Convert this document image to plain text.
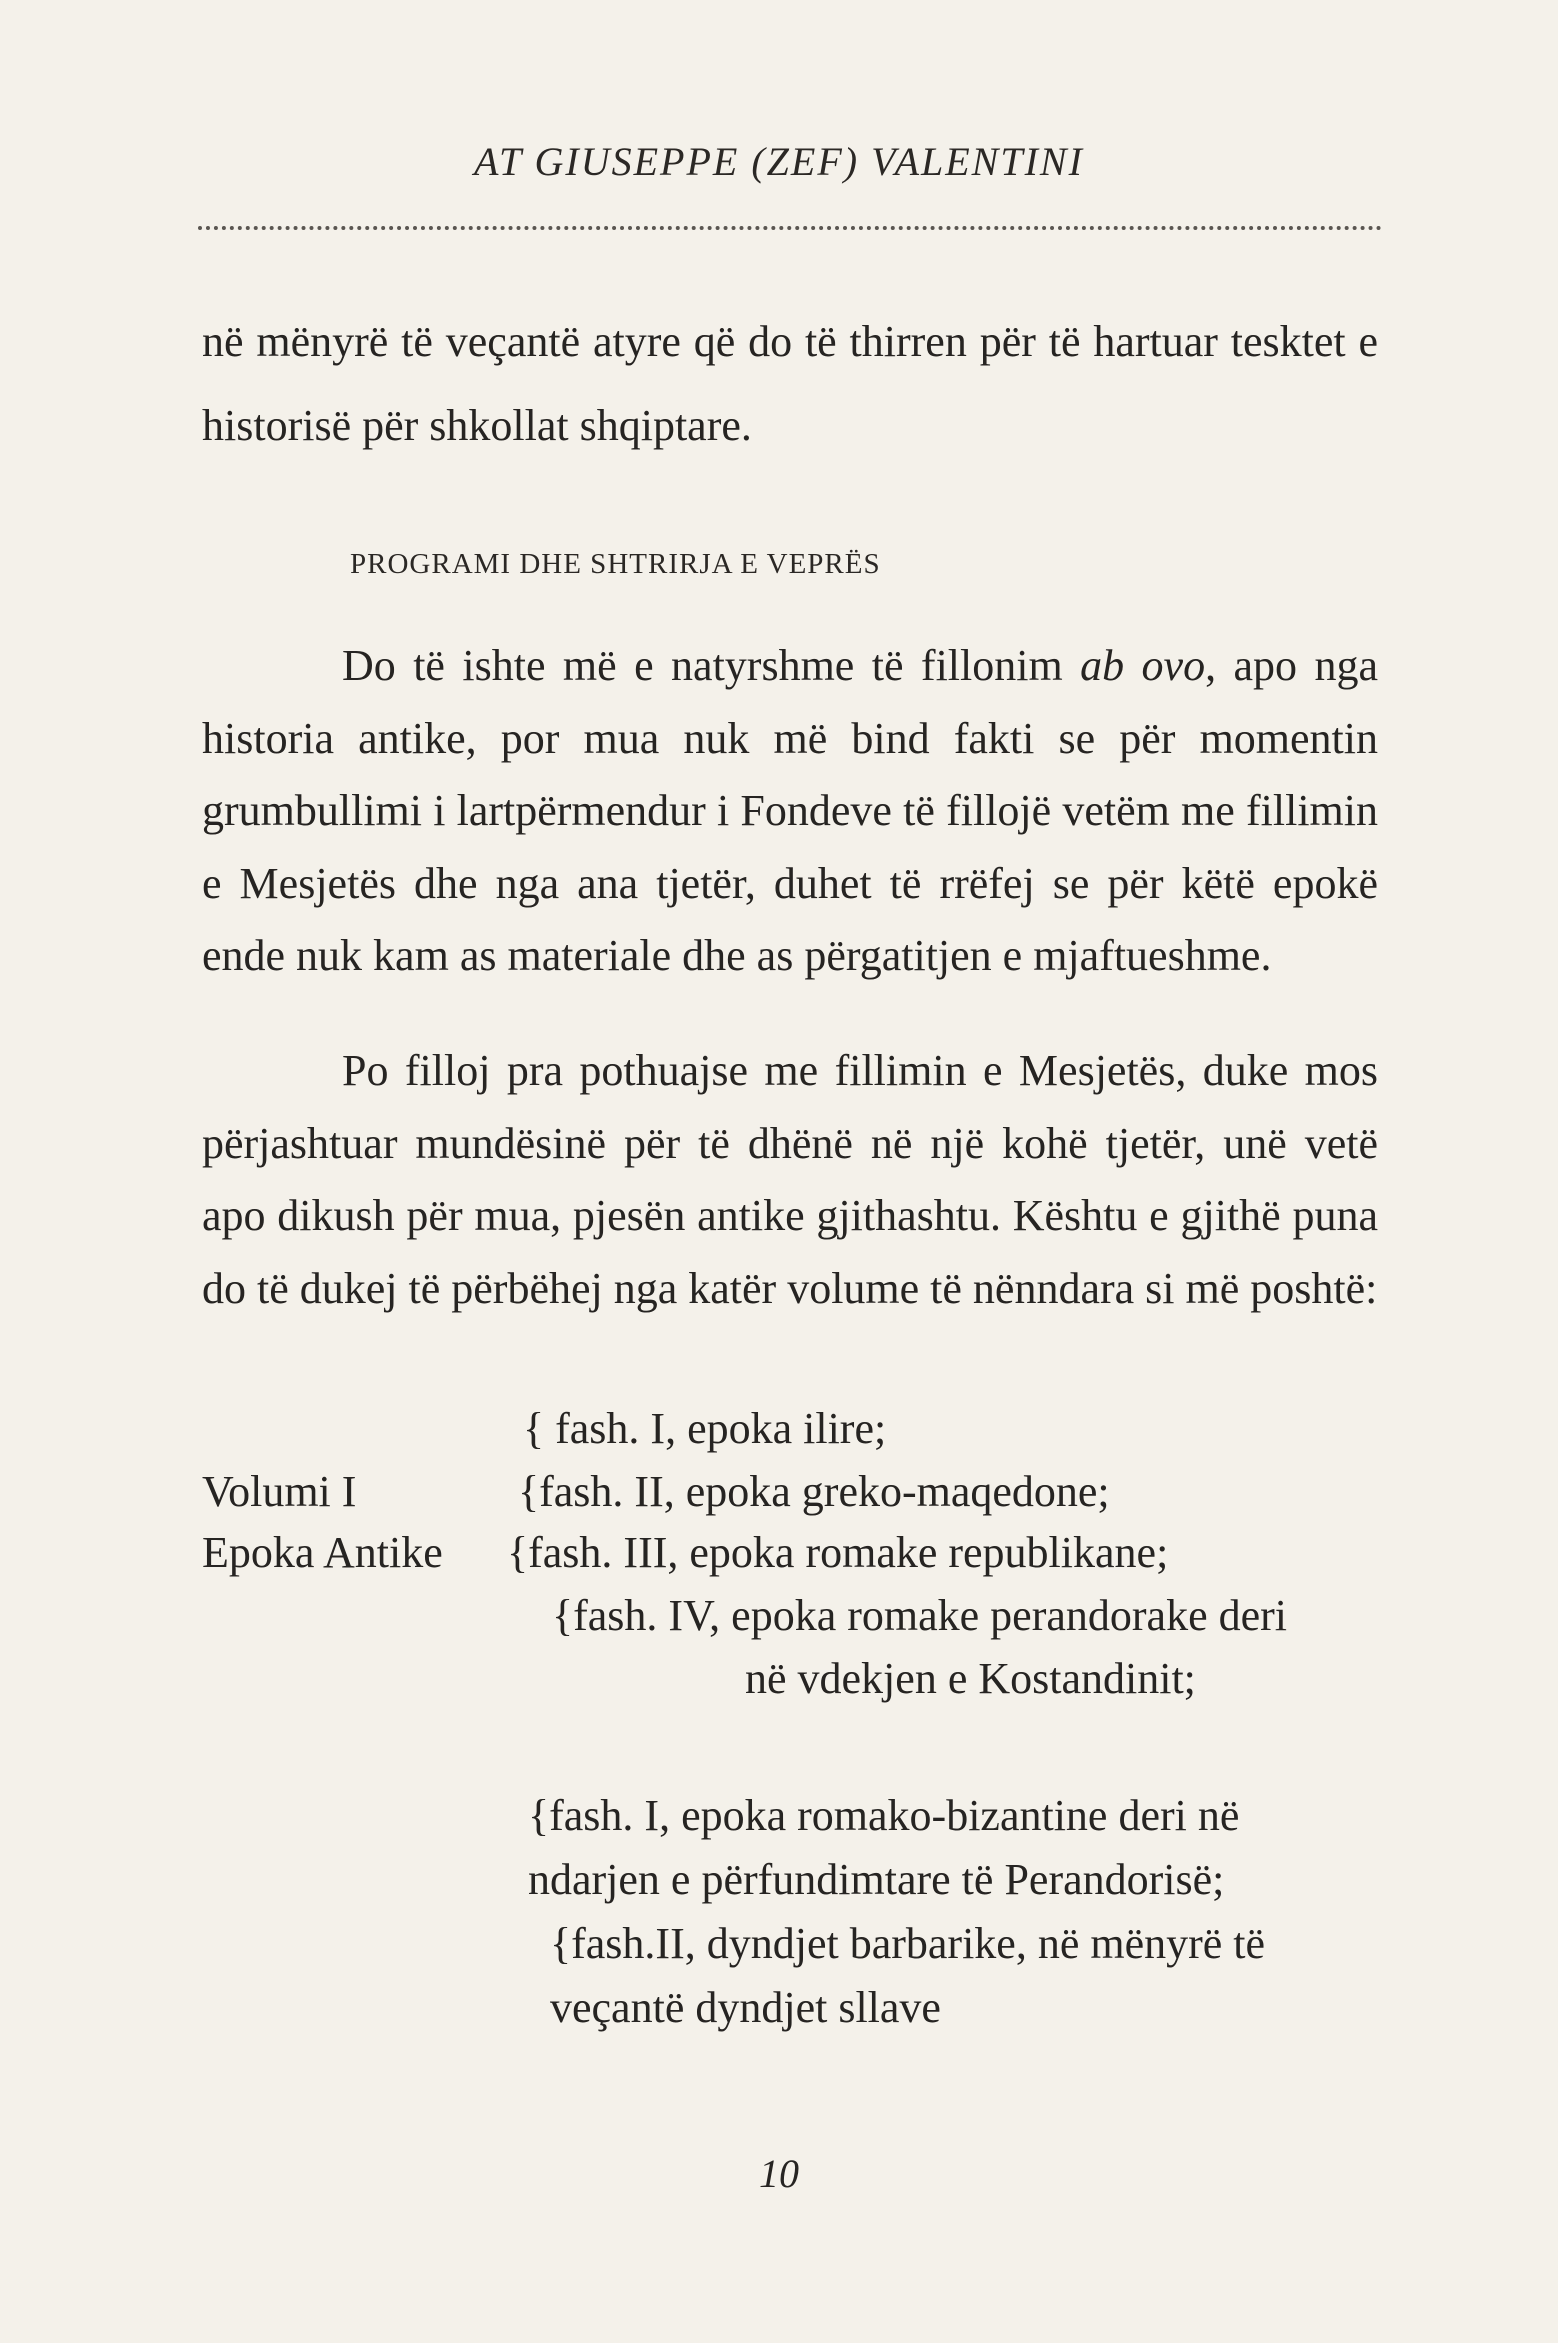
AT GIUSEPPE (ZEF) VALENTINI

në mënyrë të veçantë atyre që do të thirren për të hartuar tesktet e historisë për shkollat shqiptare.

PROGRAMI DHE SHTRIRJA E VEPRËS

Do të ishte më e natyrshme të fillonim ab ovo, apo nga historia antike, por mua nuk më bind fakti se për momentin grumbullimi i lartpërmendur i Fondeve të fillojë vetëm me fillimin e Mesjetës dhe nga ana tjetër, duhet të rrëfej se për këtë epokë ende nuk kam as materiale dhe as përgatitjen e mjaftueshme.

Po filloj pra pothuajse me fillimin e Mesjetës, duke mos përjashtuar mundësinë për të dhënë në një kohë tjetër, unë vetë apo dikush për mua, pjesën antike gjithashtu. Kështu e gjithë puna do të dukej të përbëhej nga katër volume të nënndara si më poshtë:

{ fash. I, epoka ilire;
Volumi I	{fash. II, epoka greko-maqedone;
Epoka Antike {fash. III, epoka romake republikane;
{fash. IV, epoka romake perandorake deri
në vdekjen e Kostandinit;
{fash. I, epoka romako-bizantine deri në
ndarjen e përfundimtare të Perandorisë;
{fash.II, dyndjet barbarike, në mënyrë të
veçantë dyndjet sllave
10
